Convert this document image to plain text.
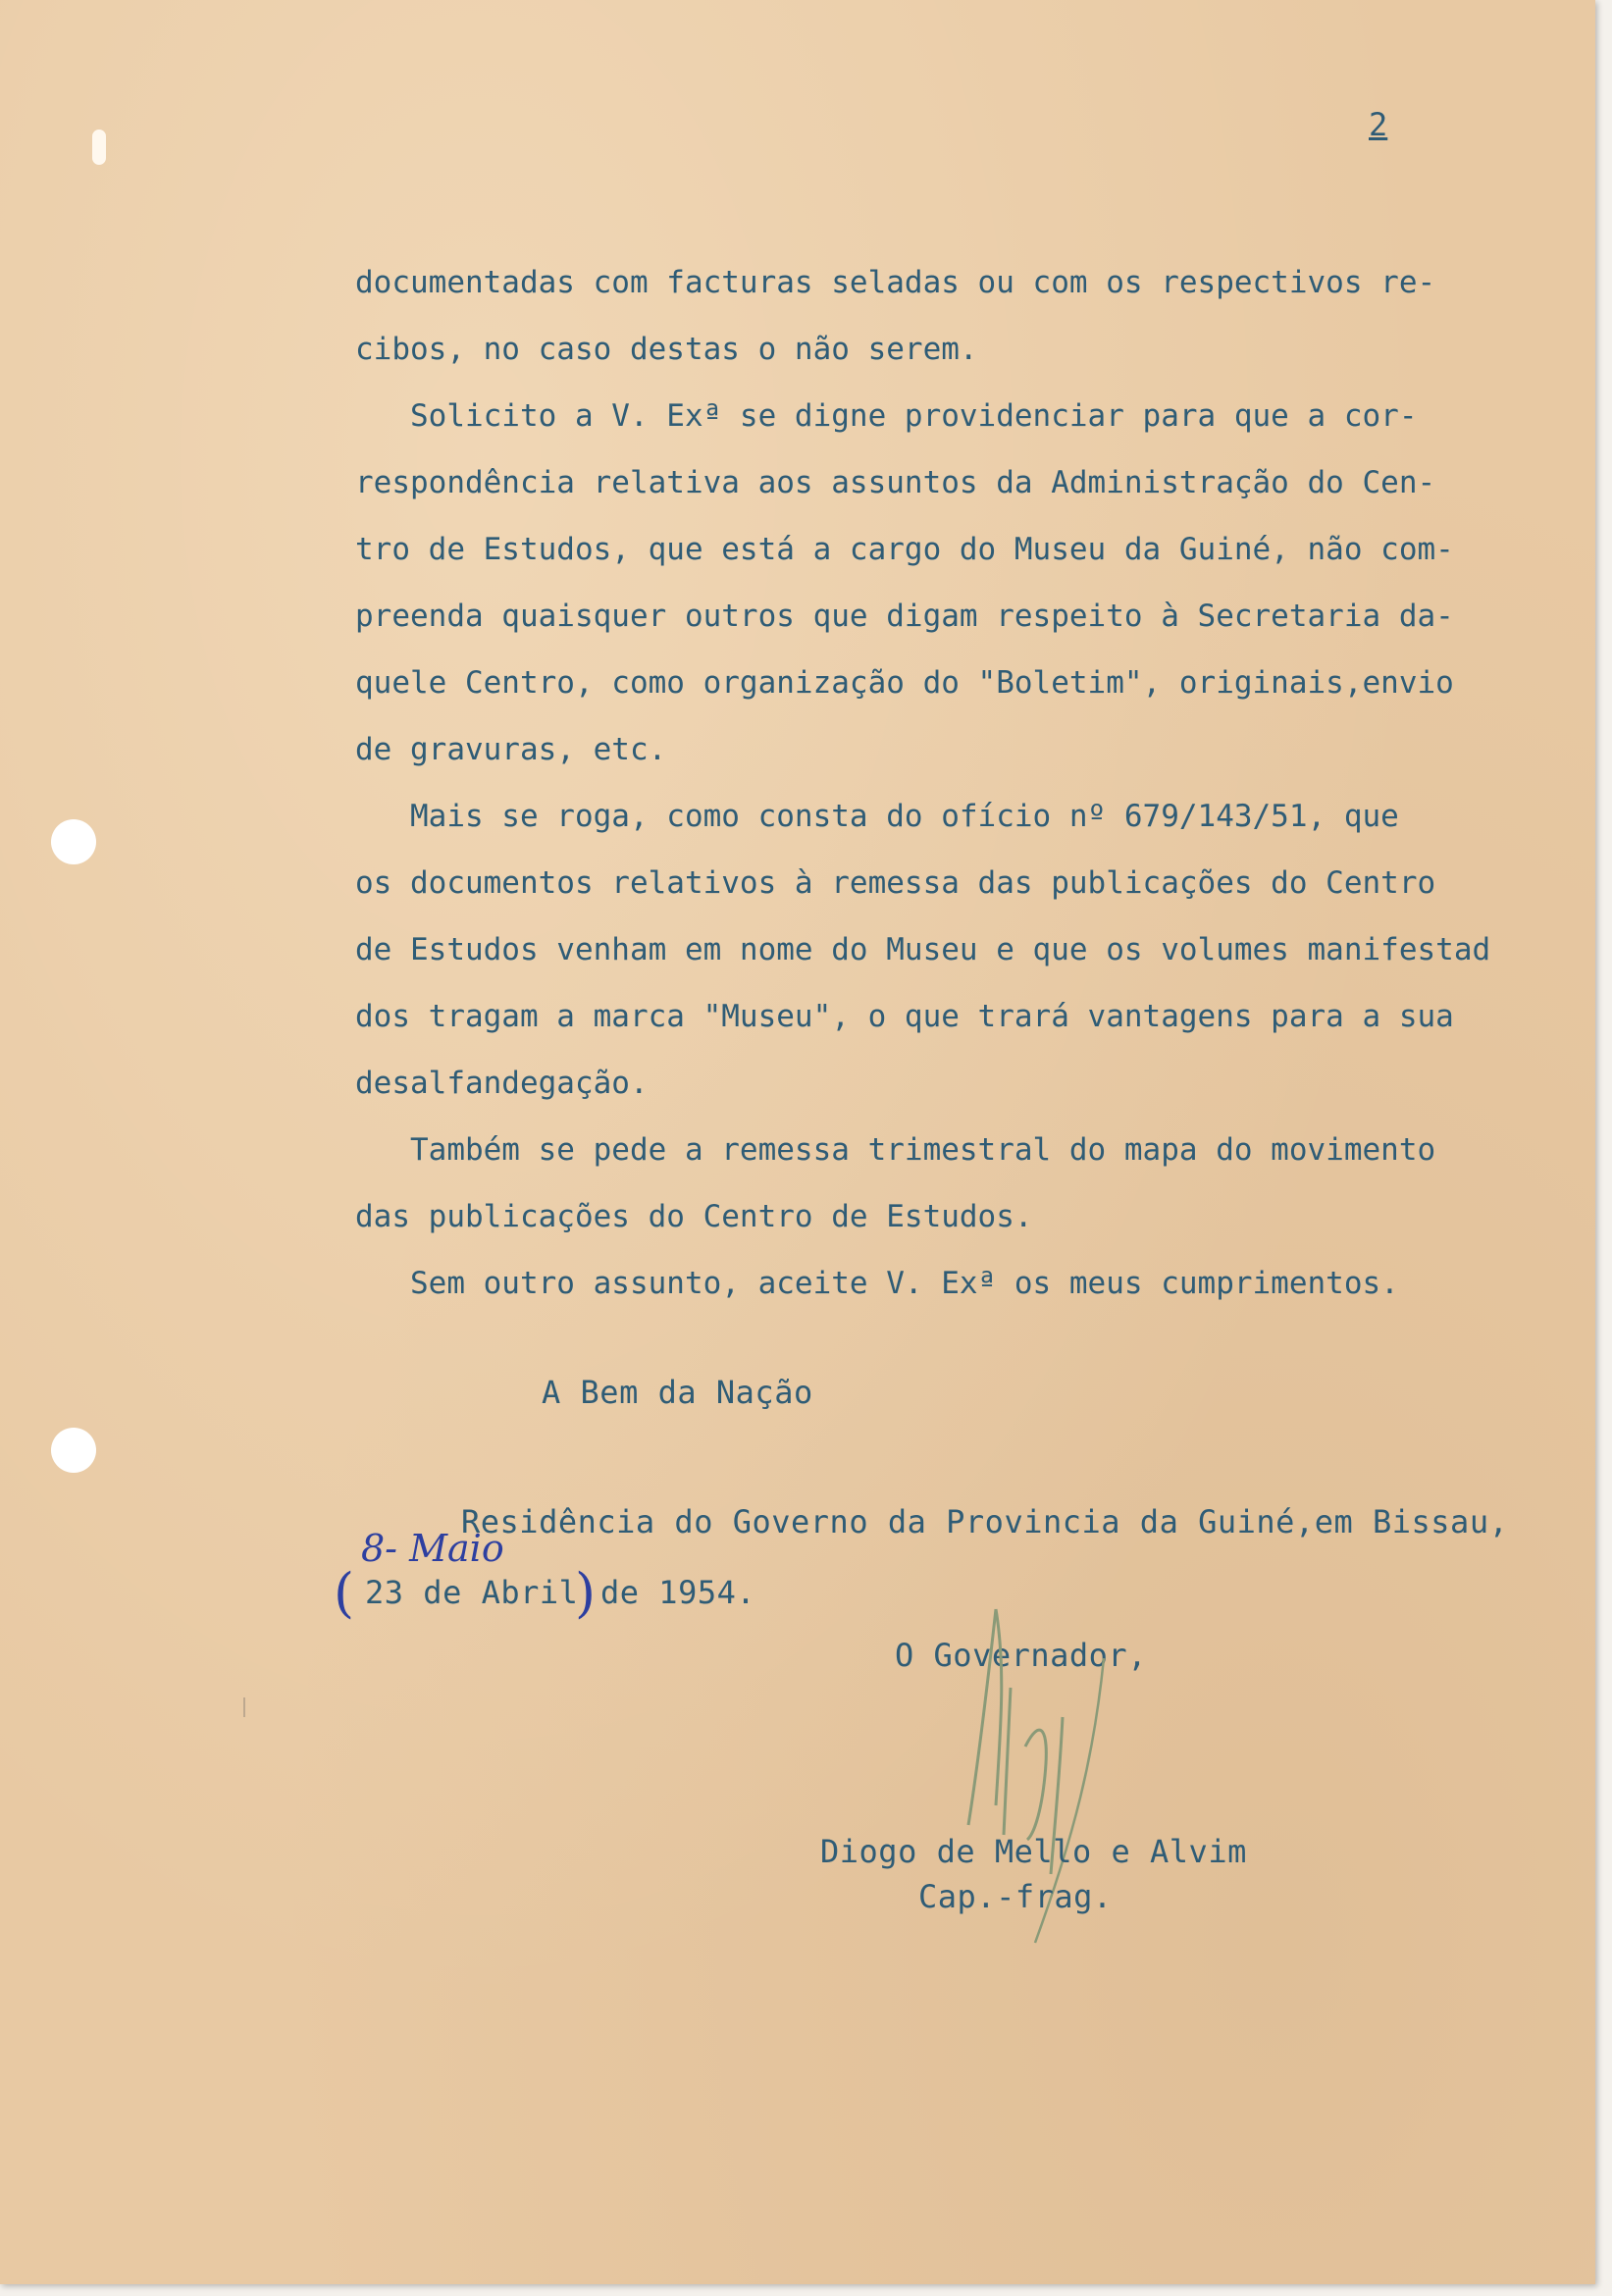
2
documentadas com facturas seladas ou com os respectivos re-
cibos, no caso destas o não serem.
Solicito a V. Exª se digne providenciar para que a cor-
respondência relativa aos assuntos da Administração do Cen-
tro de Estudos, que está a cargo do Museu da Guiné, não com-
preenda quaisquer outros que digam respeito à Secretaria da-
quele Centro, como organização do "Boletim", originais,envio
de gravuras, etc.
Mais se roga, como consta do ofício nº 679/143/51, que
os documentos relativos à remessa das publicações do Centro
de Estudos venham em nome do Museu e que os volumes manifestad
dos tragam a marca "Museu", o que trará vantagens para a sua
desalfandegação.
Também se pede a remessa trimestral do mapa do movimento
das publicações do Centro de Estudos.
Sem outro assunto, aceite V. Exª os meus cumprimentos.
A Bem da Nação
Residência do Governo da Provincia da Guiné,em Bissau,
8- Maio
( 23 de Abril
) de 1954.
O Governador,
Diogo de Mello e Alvim
Cap.-frag.
